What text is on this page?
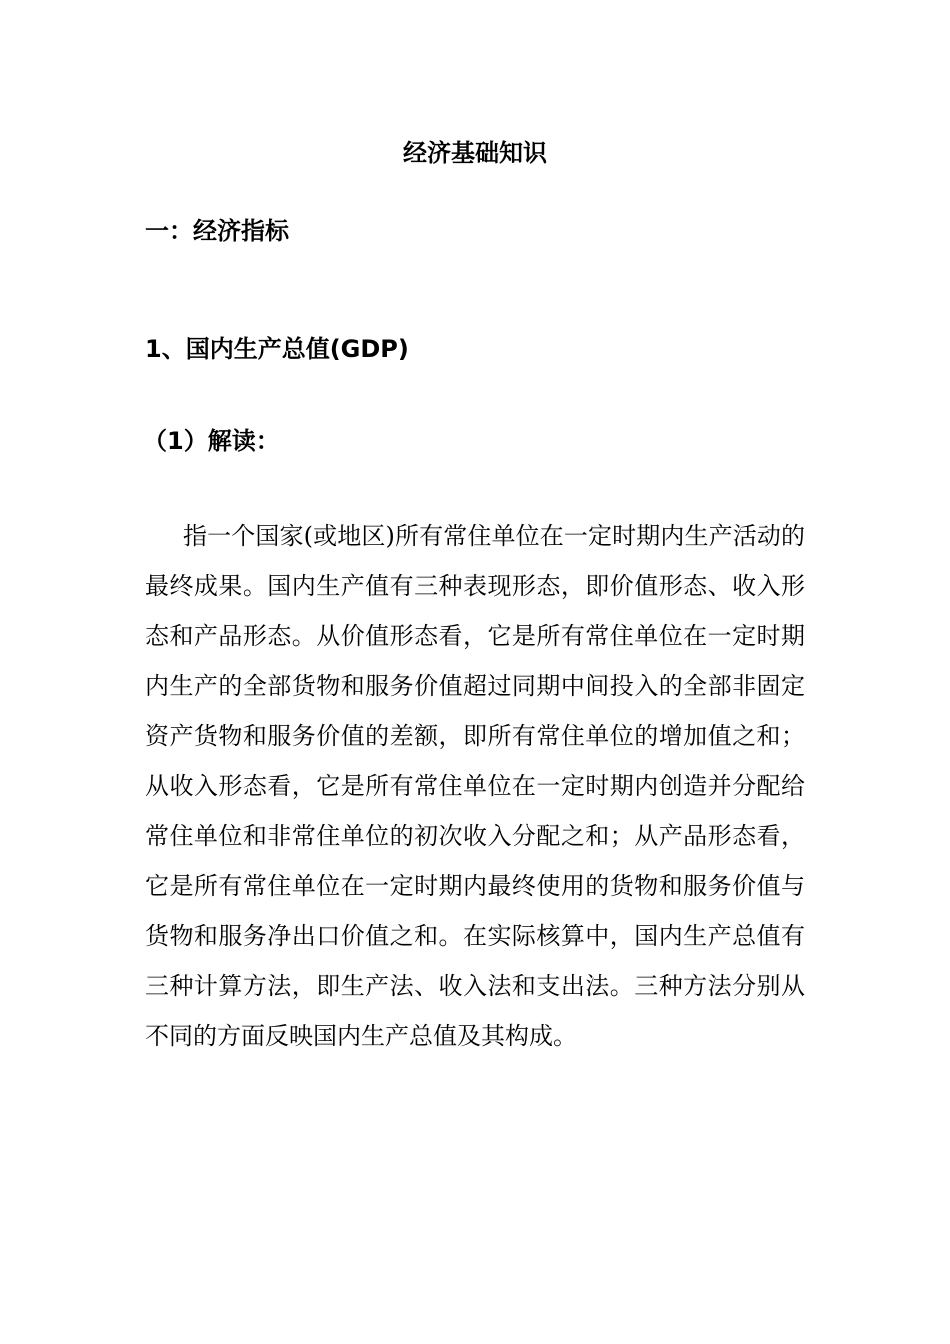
经济基础知识
一：经济指标
1、国内生产总值(GDP)
（1）解读：

指一个国家(或地区)所有常住单位在一定时期内生产活动的最终成果。国内生产值有三种表现形态，即价值形态、收入形态和产品形态。从价值形态看，它是所有常住单位在一定时期内生产的全部货物和服务价值超过同期中间投入的全部非固定资产货物和服务价值的差额，即所有常住单位的增加值之和；从收入形态看，它是所有常住单位在一定时期内创造并分配给常住单位和非常住单位的初次收入分配之和；从产品形态看，它是所有常住单位在一定时期内最终使用的货物和服务价值与货物和服务净出口价值之和。在实际核算中，国内生产总值有三种计算方法，即生产法、收入法和支出法。三种方法分别从不同的方面反映国内生产总值及其构成。
